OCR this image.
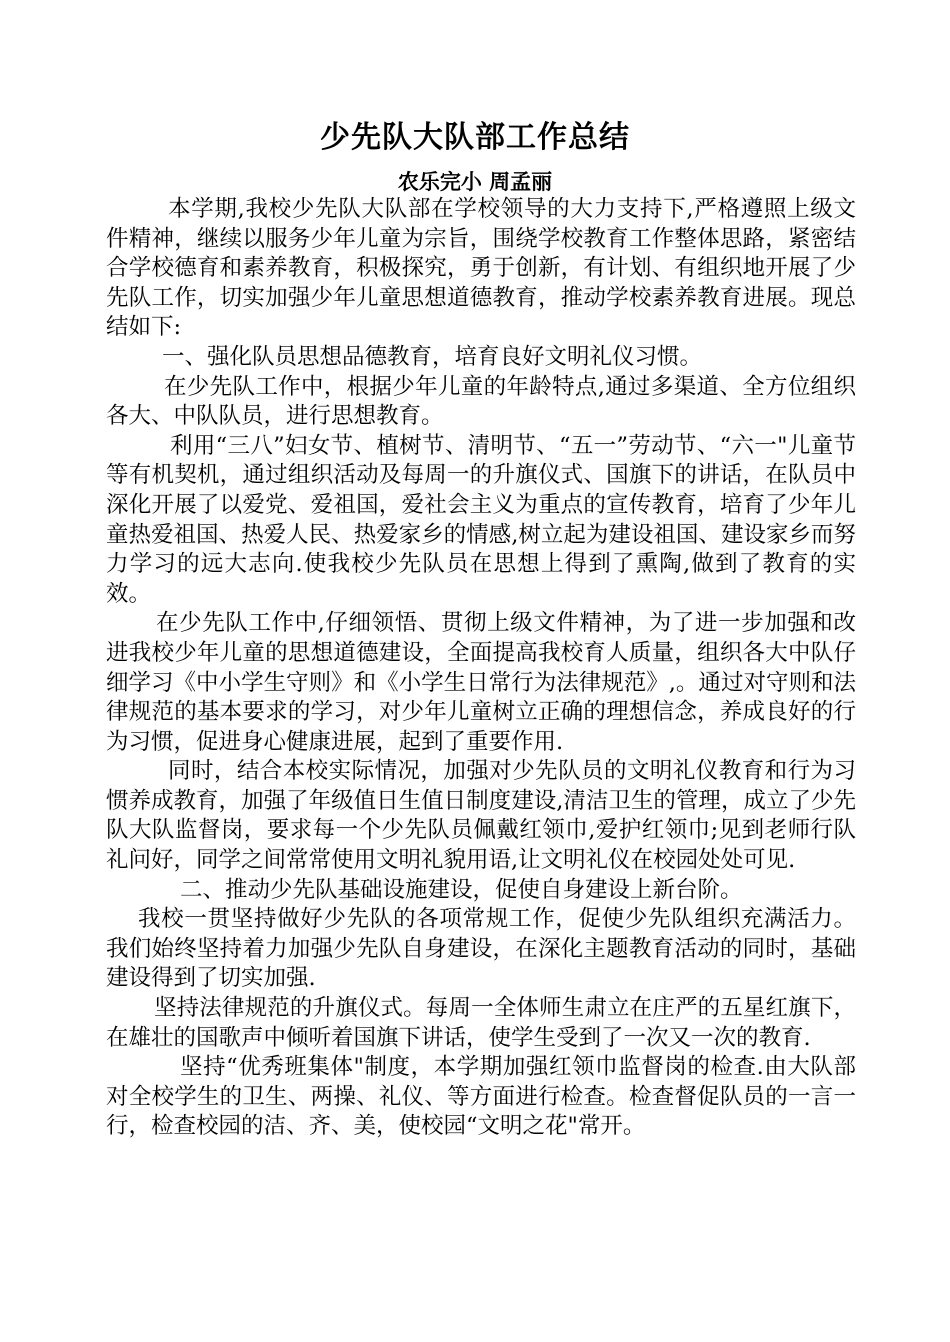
少先队大队部工作总结
农乐完小 周孟丽

本学期,我校少先队大队部在学校领导的大力支持下,严格遵照上级文件精神，继续以服务少年儿童为宗旨，围绕学校教育工作整体思路，紧密结合学校德育和素养教育，积极探究，勇于创新，有计划、有组织地开展了少先队工作，切实加强少年儿童思想道德教育，推动学校素养教育进展。现总结如下:

一、强化队员思想品德教育，培育良好文明礼仪习惯。

在少先队工作中，根据少年儿童的年龄特点,通过多渠道、全方位组织各大、中队队员，进行思想教育。

利用“三八”妇女节、植树节、清明节、“五一”劳动节、“六一"儿童节等有机契机，通过组织活动及每周一的升旗仪式、国旗下的讲话，在队员中深化开展了以爱党、爱祖国，爱社会主义为重点的宣传教育，培育了少年儿童热爱祖国、热爱人民、热爱家乡的情感,树立起为建设祖国、建设家乡而努力学习的远大志向.使我校少先队员在思想上得到了熏陶,做到了教育的实效。

在少先队工作中,仔细领悟、贯彻上级文件精神，为了进一步加强和改进我校少年儿童的思想道德建设，全面提高我校育人质量，组织各大中队仔细学习《中小学生守则》和《小学生日常行为法律规范》,。通过对守则和法律规范的基本要求的学习，对少年儿童树立正确的理想信念，养成良好的行为习惯，促进身心健康进展，起到了重要作用.

同时，结合本校实际情况，加强对少先队员的文明礼仪教育和行为习惯养成教育，加强了年级值日生值日制度建设,清洁卫生的管理，成立了少先队大队监督岗，要求每一个少先队员佩戴红领巾,爱护红领巾;见到老师行队礼问好，同学之间常常使用文明礼貌用语,让文明礼仪在校园处处可见.

二、推动少先队基础设施建设，促使自身建设上新台阶。

我校一贯坚持做好少先队的各项常规工作，促使少先队组织充满活力。我们始终坚持着力加强少先队自身建设，在深化主题教育活动的同时，基础建设得到了切实加强.

坚持法律规范的升旗仪式。每周一全体师生肃立在庄严的五星红旗下，在雄壮的国歌声中倾听着国旗下讲话，使学生受到了一次又一次的教育.

坚持“优秀班集体"制度，本学期加强红领巾监督岗的检查.由大队部对全校学生的卫生、两操、礼仪、等方面进行检查。检查督促队员的一言一行，检查校园的洁、齐、美，使校园“文明之花"常开。
